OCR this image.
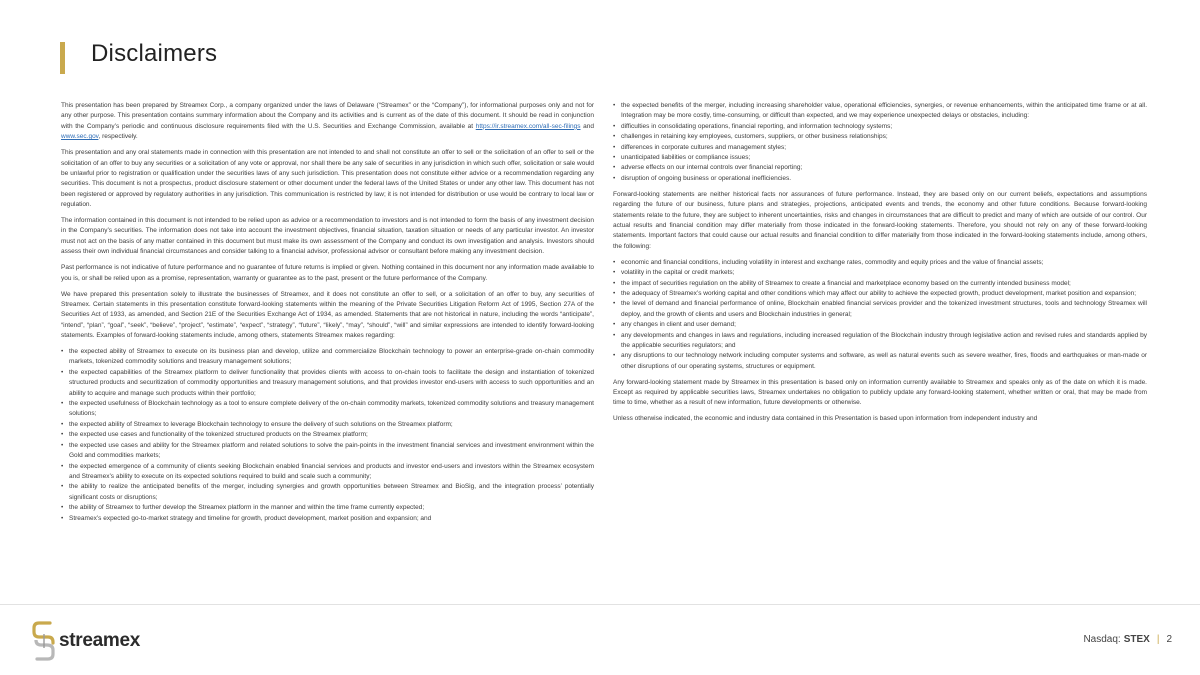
Disclaimers

This presentation has been prepared by Streamex Corp., a company organized under the laws of Delaware (“Streamex” or the “Company”), for informational purposes only and not for any other purpose. This presentation contains summary information about the Company and its activities and is current as of the date of this document. It should be read in conjunction with the Company’s periodic and continuous disclosure requirements filed with the U.S. Securities and Exchange Commission, available at https://ir.streamex.com/all-sec-filings and www.sec.gov, respectively.

This presentation and any oral statements made in connection with this presentation are not intended to and shall not constitute an offer to sell or the solicitation of an offer to sell or the solicitation of an offer to buy any securities or a solicitation of any vote or approval, nor shall there be any sale of securities in any jurisdiction in which such offer, solicitation or sale would be unlawful prior to registration or qualification under the securities laws of any such jurisdiction. This presentation does not constitute either advice or a recommendation regarding any securities. This document is not a prospectus, product disclosure statement or other document under the federal laws of the United States or under any other law. This document has not been registered or approved by regulatory authorities in any jurisdiction. This communication is restricted by law; it is not intended for distribution or use would be contrary to local law or regulation.

The information contained in this document is not intended to be relied upon as advice or a recommendation to investors and is not intended to form the basis of any investment decision in the Company’s securities. The information does not take into account the investment objectives, financial situation, taxation situation or needs of any particular investor. An investor must not act on the basis of any matter contained in this document but must make its own assessment of the Company and conduct its own investigation and analysis. Investors should assess their own individual financial circumstances and consider talking to a financial advisor, professional advisor or consultant before making any investment decision.

Past performance is not indicative of future performance and no guarantee of future returns is implied or given. Nothing contained in this document nor any information made available to you is, or shall be relied upon as a promise, representation, warranty or guarantee as to the past, present or the future performance of the Company.

We have prepared this presentation solely to illustrate the businesses of Streamex, and it does not constitute an offer to sell, or a solicitation of an offer to buy, any securities of Streamex. Certain statements in this presentation constitute forward-looking statements within the meaning of the Private Securities Litigation Reform Act of 1995, Section 27A of the Securities Act of 1933, as amended, and Section 21E of the Securities Exchange Act of 1934, as amended. Statements that are not historical in nature, including the words “anticipate”, “intend”, “plan”, “goal”, “seek”, “believe”, “project”, “estimate”, “expect”, “strategy”, “future”, “likely”, “may”, “should”, “will” and similar expressions are intended to identify forward-looking statements. Examples of forward-looking statements include, among others, statements Streamex makes regarding:

• the expected ability of Streamex to execute on its business plan and develop, utilize and commercialize Blockchain technology to power an enterprise-grade on-chain commodity markets, tokenized commodity solutions and treasury management solutions;
• the expected capabilities of the Streamex platform to deliver functionality that provides clients with access to on-chain tools to facilitate the design and instantiation of tokenized structured products and securitization of commodity opportunities and treasury management solutions, and that provides investor end-users with access to such opportunities and an ability to acquire and manage such products within their portfolio;
• the expected usefulness of Blockchain technology as a tool to ensure complete delivery of the on-chain commodity markets, tokenized commodity solutions and treasury management solutions;
• the expected ability of Streamex to leverage Blockchain technology to ensure the delivery of such solutions on the Streamex platform;
• the expected use cases and functionality of the tokenized structured products on the Streamex platform;
• the expected use cases and ability for the Streamex platform and related solutions to solve the pain-points in the investment financial services and investment environment within the Gold and commodities markets;
• the expected emergence of a community of clients seeking Blockchain enabled financial services and products and investor end-users and investors within the Streamex ecosystem and Streamex’s ability to execute on its expected solutions required to build and scale such a community;
• the ability to realize the anticipated benefits of the merger, including synergies and growth opportunities between Streamex and BioSig, and the integration process’ potentially significant costs or disruptions;
• the ability of Streamex to further develop the Streamex platform in the manner and within the time frame currently expected;
• Streamex’s expected go-to-market strategy and timeline for growth, product development, market position and expansion; and
• the expected benefits of the merger, including increasing shareholder value, operational efficiencies, synergies, or revenue enhancements, within the anticipated time frame or at all. Integration may be more costly, time-consuming, or difficult than expected, and we may experience unexpected delays or obstacles, including:
• difficulties in consolidating operations, financial reporting, and information technology systems;
• challenges in retaining key employees, customers, suppliers, or other business relationships;
• differences in corporate cultures and management styles;
• unanticipated liabilities or compliance issues;
• adverse effects on our internal controls over financial reporting;
• disruption of ongoing business or operational inefficiencies.

Forward-looking statements are neither historical facts nor assurances of future performance. Instead, they are based only on our current beliefs, expectations and assumptions regarding the future of our business, future plans and strategies, projections, anticipated events and trends, the economy and other future conditions. Because forward-looking statements relate to the future, they are subject to inherent uncertainties, risks and changes in circumstances that are difficult to predict and many of which are outside of our control. Our actual results and financial condition may differ materially from those indicated in the forward-looking statements. Therefore, you should not rely on any of these forward-looking statements. Important factors that could cause our actual results and financial condition to differ materially from those indicated in the forward-looking statements include, among others, the following:

• economic and financial conditions, including volatility in interest and exchange rates, commodity and equity prices and the value of financial assets;
• volatility in the capital or credit markets;
• the impact of securities regulation on the ability of Streamex to create a financial and marketplace economy based on the currently intended business model;
• the adequacy of Streamex’s working capital and other conditions which may affect our ability to achieve the expected growth, product development, market position and expansion;
• the level of demand and financial performance of online, Blockchain enabled financial services provider and the tokenized investment structures, tools and technology Streamex will deploy, and the growth of clients and users and Blockchain industries in general;
• any changes in client and user demand;
• any developments and changes in laws and regulations, including increased regulation of the Blockchain industry through legislative action and revised rules and standards applied by the applicable securities regulators; and
• any disruptions to our technology network including computer systems and software, as well as natural events such as severe weather, fires, floods and earthquakes or man-made or other disruptions of our operating systems, structures or equipment.

Any forward-looking statement made by Streamex in this presentation is based only on information currently available to Streamex and speaks only as of the date on which it is made. Except as required by applicable securities laws, Streamex undertakes no obligation to publicly update any forward-looking statement, whether written or oral, that may be made from time to time, whether as a result of new information, future developments or otherwise.

Unless otherwise indicated, the economic and industry data contained in this Presentation is based upon information from independent industry and

streamex	Nasdaq: STEX | 2
